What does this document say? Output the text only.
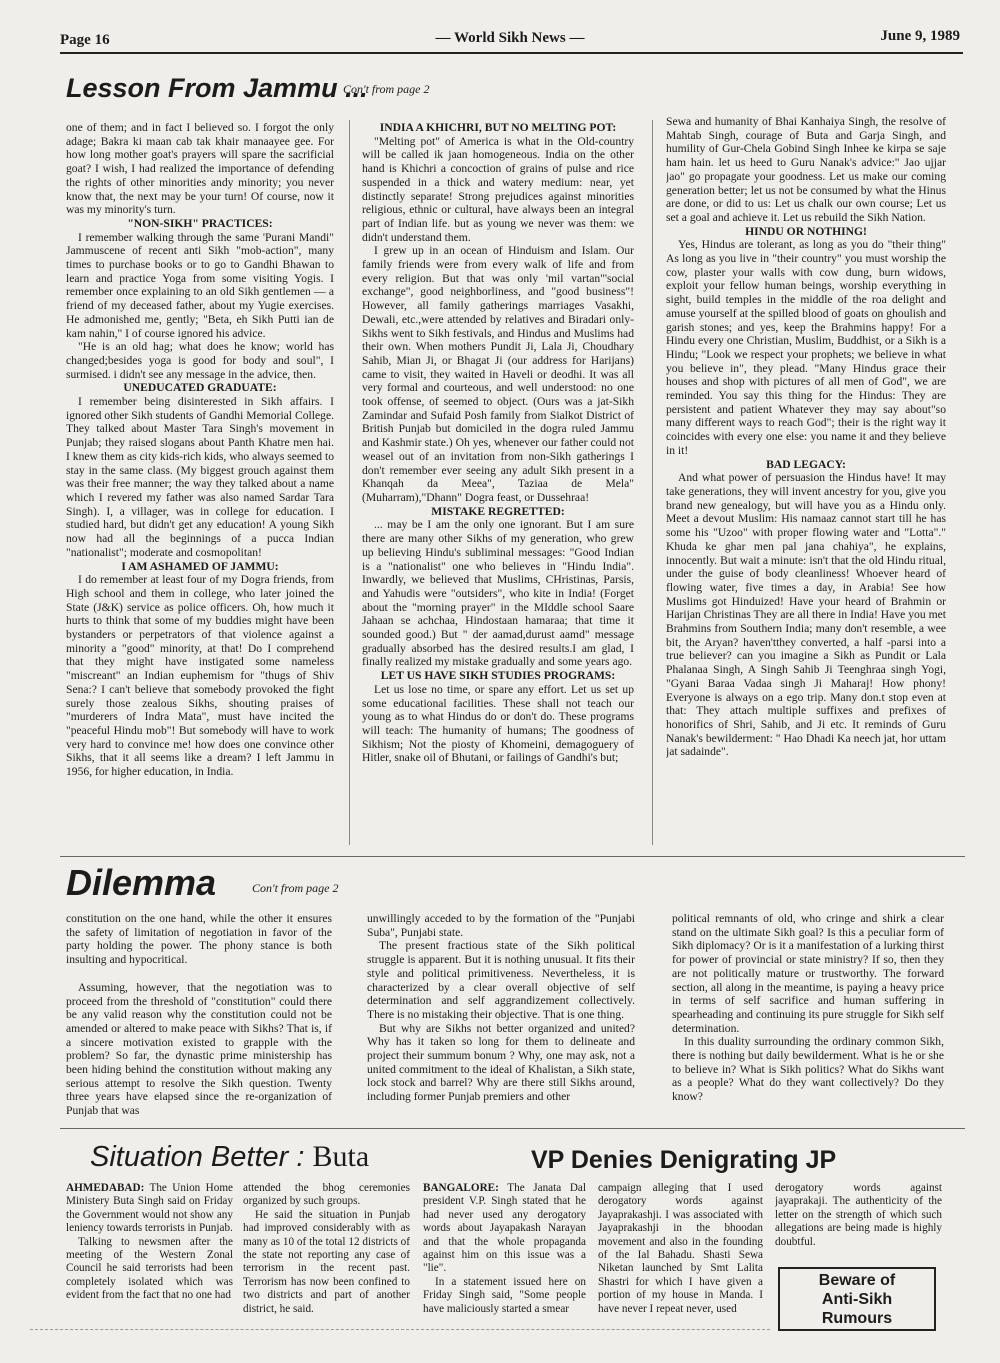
Page 16	— World Sikh News —	June 9, 1989
Lesson From Jammu ...
Con't from page 2

one of them; and in fact I believed so. I forgot the only adage; Bakra ki maan cab tak khair manaayee gee. For how long mother goat's prayers will spare the sacrificial goat? I wish, I had realized the importance of defending the rights of other minorities andy minority; you never know that, the next may be your turn! Of course, now it was my minority's turn.

"NON-SIKH" PRACTICES:

I remember walking through the same 'Purani Mandi" Jammuscene of recent anti Sikh "mob-action", many times to purchase books or to go to Gandhi Bhawan to learn and practice Yoga from some visiting Yogis. I remember once explaining to an old Sikh gentlemen — a friend of my deceased father, about my Yugie exercises. He admonished me, gently; "Beta, eh Sikh Putti ian de kam nahin," I of course ignored his advice.

"He is an old hag; what does he know; world has changed;besides yoga is good for body and soul", I surmised. i didn't see any message in the advice, then.

UNEDUCATED GRADUATE:

I remember being disinterested in Sikh affairs. I ignored other Sikh students of Gandhi Memorial College. They talked about Master Tara Singh's movement in Punjab; they raised slogans about Panth Khatre men hai. I knew them as city kids-rich kids, who always seemed to stay in the same class. (My biggest grouch against them was their free manner; the way they talked about a name which I revered my father was also named Sardar Tara Singh). I, a villager, was in college for education. I studied hard, but didn't get any education! A young Sikh now had all the beginnings of a pucca Indian "nationalist"; moderate and cosmopolitan!

I AM ASHAMED OF JAMMU:

I do remember at least four of my Dogra friends, from High school and them in college, who later joined the State (J&K) service as police officers. Oh, how much it hurts to think that some of my buddies might have been bystanders or perpetrators of that violence against a minority a "good" minority, at that! Do I comprehend that they might have instigated some nameless "miscreant" an Indian euphemism for "thugs of Shiv Sena:? I can't believe that somebody provoked the fight surely those zealous Sikhs, shouting praises of "murderers of Indra Mata", must have incited the "peaceful Hindu mob"! But somebody will have to work very hard to convince me! how does one convince other Sikhs, that it all seems like a dream? I left Jammu in 1956, for higher education, in India.

INDIA A KHICHRI, BUT NO MELTING POT:

"Melting pot" of America is what in the Old-country will be called ik jaan homogeneous. India on the other hand is Khichri a concoction of grains of pulse and rice suspended in a thick and watery medium: near, yet distinctly separate! Strong prejudices against minorities religious, ethnic or cultural, have always been an integral part of Indian life. but as young we never was them: we didn't understand them.

I grew up in an ocean of Hinduism and Islam. Our family friends were from every walk of life and from every religion. But that was only 'mil vartan"'social exchange", good neighborliness, and "good business"! However, all family gatherings marriages Vasakhi, Dewali, etc.,were attended by relatives and Biradari only-Sikhs went to Sikh festivals, and Hindus and Muslims had their own. When mothers Pundit Ji, Lala Ji, Choudhary Sahib, Mian Ji, or Bhagat Ji (our address for Harijans) came to visit, they waited in Haveli or deodhi. It was all very formal and courteous, and well understood: no one took offense, of seemed to object. (Ours was a jat-Sikh Zamindar and Sufaid Posh family from Sialkot District of British Punjab but domiciled in the dogra ruled Jammu and Kashmir state.) Oh yes, whenever our father could not weasel out of an invitation from non-Sikh gatherings I don't remember ever seeing any adult Sikh present in a Khanqah da Meea", Taziaa de Mela" (Muharram),"Dhann" Dogra feast, or Dussehraa!

MISTAKE REGRETTED:

... may be I am the only one ignorant. But I am sure there are many other Sikhs of my generation, who grew up believing Hindu's subliminal messages: "Good Indian is a "nationalist" one who believes in "Hindu India". Inwardly, we believed that Muslims, CHristinas, Parsis, and Yahudis were "outsiders", who kite in India! (Forget about the "morning prayer" in the MIddle school Saare Jahaan se achchaa, Hindostaan hamaraa; that time it sounded good.) But " der aamad,durust aamd" message gradually absorbed has the desired results.I am glad, I finally realized my mistake gradually and some years ago.

LET US HAVE SIKH STUDIES PROGRAMS:

Let us lose no time, or spare any effort. Let us set up some educational facilities. These shall not teach our young as to what Hindus do or don't do. These programs will teach: The humanity of humans; The goodness of Sikhism; Not the piosty of Khomeini, demagoguery of Hitler, snake oil of Bhutani, or failings of Gandhi's but;

Sewa and humanity of Bhai Kanhaiya Singh, the resolve of Mahtab Singh, courage of Buta and Garja Singh, and humility of Gur-Chela Gobind Singh Inhee ke kirpa se saje ham hain. let us heed to Guru Nanak's advice:" Jao ujjar jao" go propagate your goodness. Let us make our coming generation better; let us not be consumed by what the Hinus are done, or did to us: Let us chalk our own course; Let us set a goal and achieve it. Let us rebuild the Sikh Nation.

HINDU OR NOTHING!

Yes, Hindus are tolerant, as long as you do "their thing" As long as you live in "their country" you must worship the cow, plaster your walls with cow dung, burn widows, exploit your fellow human beings, worship everything in sight, build temples in the middle of the roa delight and amuse yourself at the spilled blood of goats on ghoulish and garish stones; and yes, keep the Brahmins happy! For a Hindu every one Christian, Muslim, Buddhist, or a Sikh is a Hindu; "Look we respect your prophets; we believe in what you believe in", they plead. "Many Hindus grace their houses and shop with pictures of all men of God", we are reminded. You say this thing for the Hindus: They are persistent and patient Whatever they may say about"so many different ways to reach God"; their is the right way it coincides with every one else: you name it and they believe in it!

BAD LEGACY:

And what power of persuasion the Hindus have! It may take generations, they will invent ancestry for you, give you brand new genealogy, but will have you as a Hindu only. Meet a devout Muslim: His namaaz cannot start till he has some his "Uzoo" with proper flowing water and "Lotta"." Khuda ke ghar men pal jana chahiya", he explains, innocently. But wait a minute: isn't that the old Hindu ritual, under the guise of body cleanliness! Whoever heard of flowing water, five times a day, in Arabia! See how Muslims got Hinduized! Have your heard of Brahmin or Harijan Christinas They are all there in India! Have you met Brahmins from Southern India; many don't resemble, a wee bit, the Aryan? haven'tthey converted, a half -parsi into a true believer? can you imagine a Sikh as Pundit or Lala Phalanaa Singh, A Singh Sahib Ji Teenghraa singh Yogi, "Gyani Baraa Vadaa singh Ji Maharaj! How phony! Everyone is always on a ego trip. Many don.t stop even at that: They attach multiple suffixes and prefixes of honorifics of Shri, Sahib, and Ji etc. It reminds of Guru Nanak's bewilderment: " Hao Dhadi Ka neech jat, hor uttam jat sadainde".

Dilemma	Con't from page 2

constitution on the one hand, while the other it ensures the safety of limitation of negotiation in favor of the party holding the power. The phony stance is both insulting and hypocritical.

Assuming, however, that the negotiation was to proceed from the threshold of "constitution" could there be any valid reason why the constitution could not be amended or altered to make peace with Sikhs? That is, if a sincere motivation existed to grapple with the problem? So far, the dynastic prime ministership has been hiding behind the constitution without making any serious attempt to resolve the Sikh question. Twenty three years have elapsed since the re-organization of Punjab that was

unwillingly acceded to by the formation of the "Punjabi Suba", Punjabi state.

The present fractious state of the Sikh political struggle is apparent. But it is nothing unusual. It fits their style and political primitiveness. Nevertheless, it is characterized by a clear overall objective of self determination and self aggrandizement collectively. There is no mistaking their objective. That is one thing.

But why are Sikhs not better organized and united? Why has it taken so long for them to delineate and project their summum bonum ? Why, one may ask, not a united commitment to the ideal of Khalistan, a Sikh state, lock stock and barrel? Why are there still Sikhs around, including former Punjab premiers and other

political remnants of old, who cringe and shirk a clear stand on the ultimate Sikh goal? Is this a peculiar form of Sikh diplomacy? Or is it a manifestation of a lurking thirst for power of provincial or state ministry? If so, then they are not politically mature or trustworthy. The forward section, all along in the meantime, is paying a heavy price in terms of self sacrifice and human suffering in spearheading and continuing its pure struggle for Sikh self determination.

In this duality surrounding the ordinary common Sikh, there is nothing but daily bewilderment. What is he or she to believe in? What is Sikh politics? What do Sikhs want as a people? What do they want collectively? Do they know?

Situation Better : Buta

AHMEDABAD: The Union Home Ministery Buta Singh said on Friday the Government would not show any leniency towards terrorists in Punjab.

Talking to newsmen after the meeting of the Western Zonal Council he said terrorists had been completely isolated which was evident from the fact that no one had

attended the bhog ceremonies organized by such groups.

He said the situation in Punjab had improved considerably with as many as 10 of the total 12 districts of the state not reporting any case of terrorism in the recent past. Terrorism has now been confined to two districts and part of another district, he said.

VP Denies Denigrating JP

BANGALORE: The Janata Dal president V.P. Singh stated that he had never used any derogatory words about Jayapakash Narayan and that the whole propaganda against him on this issue was a "lie".

In a statement issued here on Friday Singh said, "Some people have maliciously started a smear

campaign alleging that I used derogatory words against Jayaprakashji. I was associated with Jayaprakashji in the bhoodan movement and also in the founding of the Ial Bahadu. Shasti Sewa Niketan launched by Smt Lalita Shastri for which I have given a portion of my house in Manda. I have never I repeat never, used

derogatory words against jayaprakaji. The authenticity of the letter on the strength of which such allegations are being made is highly doubtful.

Beware of
Anti-Sikh
Rumours
